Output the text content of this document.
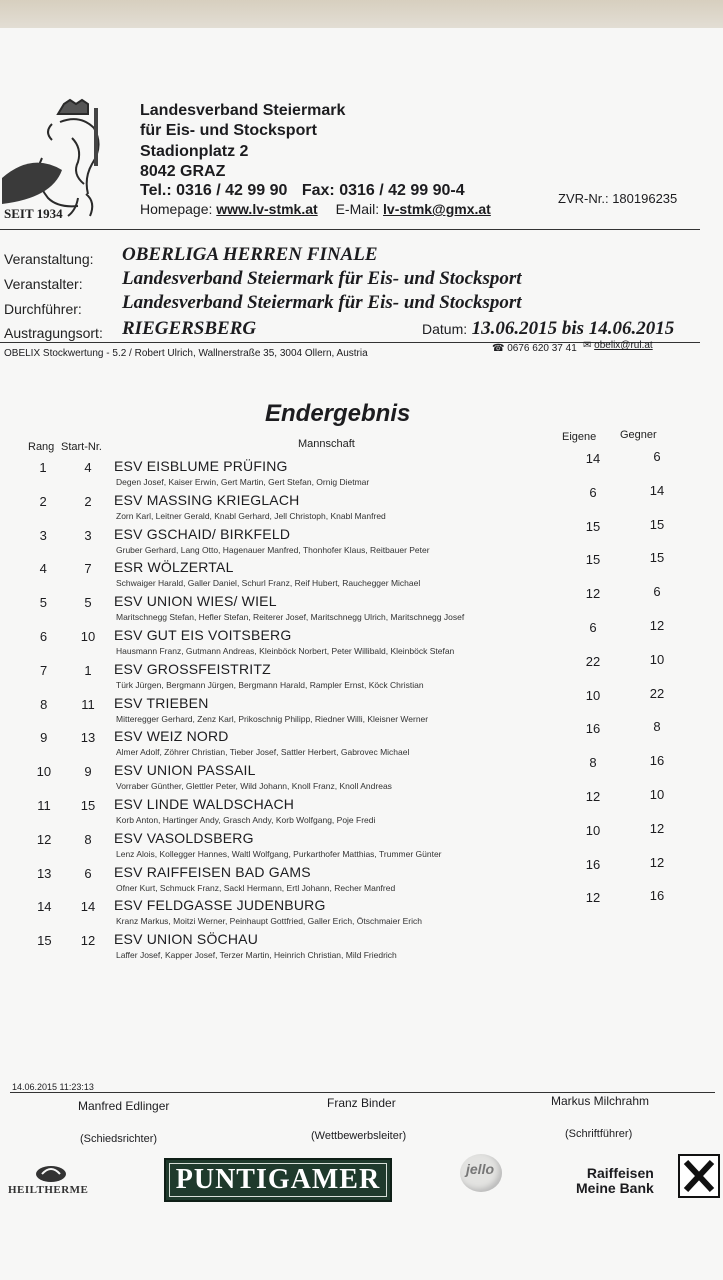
SEIT 1934
Landesverband Steiermark
für Eis- und Stocksport
Stadionplatz 2
8042 GRAZ
Tel.: 0316 / 42 99 90 Fax: 0316 / 42 99 90-4
Homepage: www.lv-stmk.at E-Mail: lv-stmk@gmx.at
ZVR-Nr.: 180196235
Veranstaltung: OBERLIGA HERREN FINALE
Veranstalter: Landesverband Steiermark für Eis- und Stocksport
Durchführer: Landesverband Steiermark für Eis- und Stocksport
Austragungsort: RIEGERSBERG	Datum: 13.06.2015 bis 14.06.2015
OBELIX Stockwertung - 5.2 / Robert Ulrich, Wallnerstraße 35, 3004 Ollern, Austria	☎ 0676 620 37 41 ✉ obelix@rul.at
Endergebnis
Rang Start-Nr.	Mannschaft
Eigene Gegner
1	4	ESV EISBLUME PRÜFING
Degen Josef, Kaiser Erwin, Gert Martin, Gert Stefan, Ornig Dietmar
14	6
2	2	ESV MASSING KRIEGLACH
Zorn Karl, Leitner Gerald, Knabl Gerhard, Jell Christoph, Knabl Manfred
6	14
3	3	ESV GSCHAID/ BIRKFELD
Gruber Gerhard, Lang Otto, Hagenauer Manfred, Thonhofer Klaus, Reitbauer Peter
15	15
4	7	ESR WÖLZERTAL
Schwaiger Harald, Galler Daniel, Schurl Franz, Reif Hubert, Rauchegger Michael
15	15
5	5	ESV UNION WIES/ WIEL
Maritschnegg Stefan, Hefler Stefan, Reiterer Josef, Maritschnegg Ulrich, Maritschnegg Josef
12	6
6	10	ESV GUT EIS VOITSBERG
Hausmann Franz, Gutmann Andreas, Kleinböck Norbert, Peter Willibald, Kleinböck Stefan
6	12
7	1	ESV GROSSFEISTRITZ
Türk Jürgen, Bergmann Jürgen, Bergmann Harald, Rampler Ernst, Köck Christian
22	10
8	11	ESV TRIEBEN
Mitteregger Gerhard, Zenz Karl, Prikoschnig Philipp, Riedner Willi, Kleisner Werner
10	22
9	13	ESV WEIZ NORD
Almer Adolf, Zöhrer Christian, Tieber Josef, Sattler Herbert, Gabrovec Michael
16	8
10	9	ESV UNION PASSAIL
Vorraber Günther, Glettler Peter, Wild Johann, Knoll Franz, Knoll Andreas
8	16
11	15	ESV LINDE WALDSCHACH
Korb Anton, Hartinger Andy, Grasch Andy, Korb Wolfgang, Poje Fredi
12	10
12	8	ESV VASOLDSBERG
Lenz Alois, Kollegger Hannes, Waltl Wolfgang, Purkarthofer Matthias, Trummer Günter
10	12
13	6	ESV RAIFFEISEN BAD GAMS
Ofner Kurt, Schmuck Franz, Sackl Hermann, Ertl Johann, Recher Manfred
16	12
14	14	ESV FELDGASSE JUDENBURG
Kranz Markus, Moitzi Werner, Peinhaupt Gottfried, Galler Erich, Ötschmaier Erich
12	16
15	12	ESV UNION SÖCHAU
Laffer Josef, Kapper Josef, Terzer Martin, Heinrich Christian, Mild Friedrich
14.06.2015 11:23:13
Manfred Edlinger
(Schiedsrichter)
Franz Binder
(Wettbewerbsleiter)
Markus Milchrahm
(Schriftführer)
HEILTHERME	PUNTIGAMER	jello	Raiffeisen
Meine Bank
